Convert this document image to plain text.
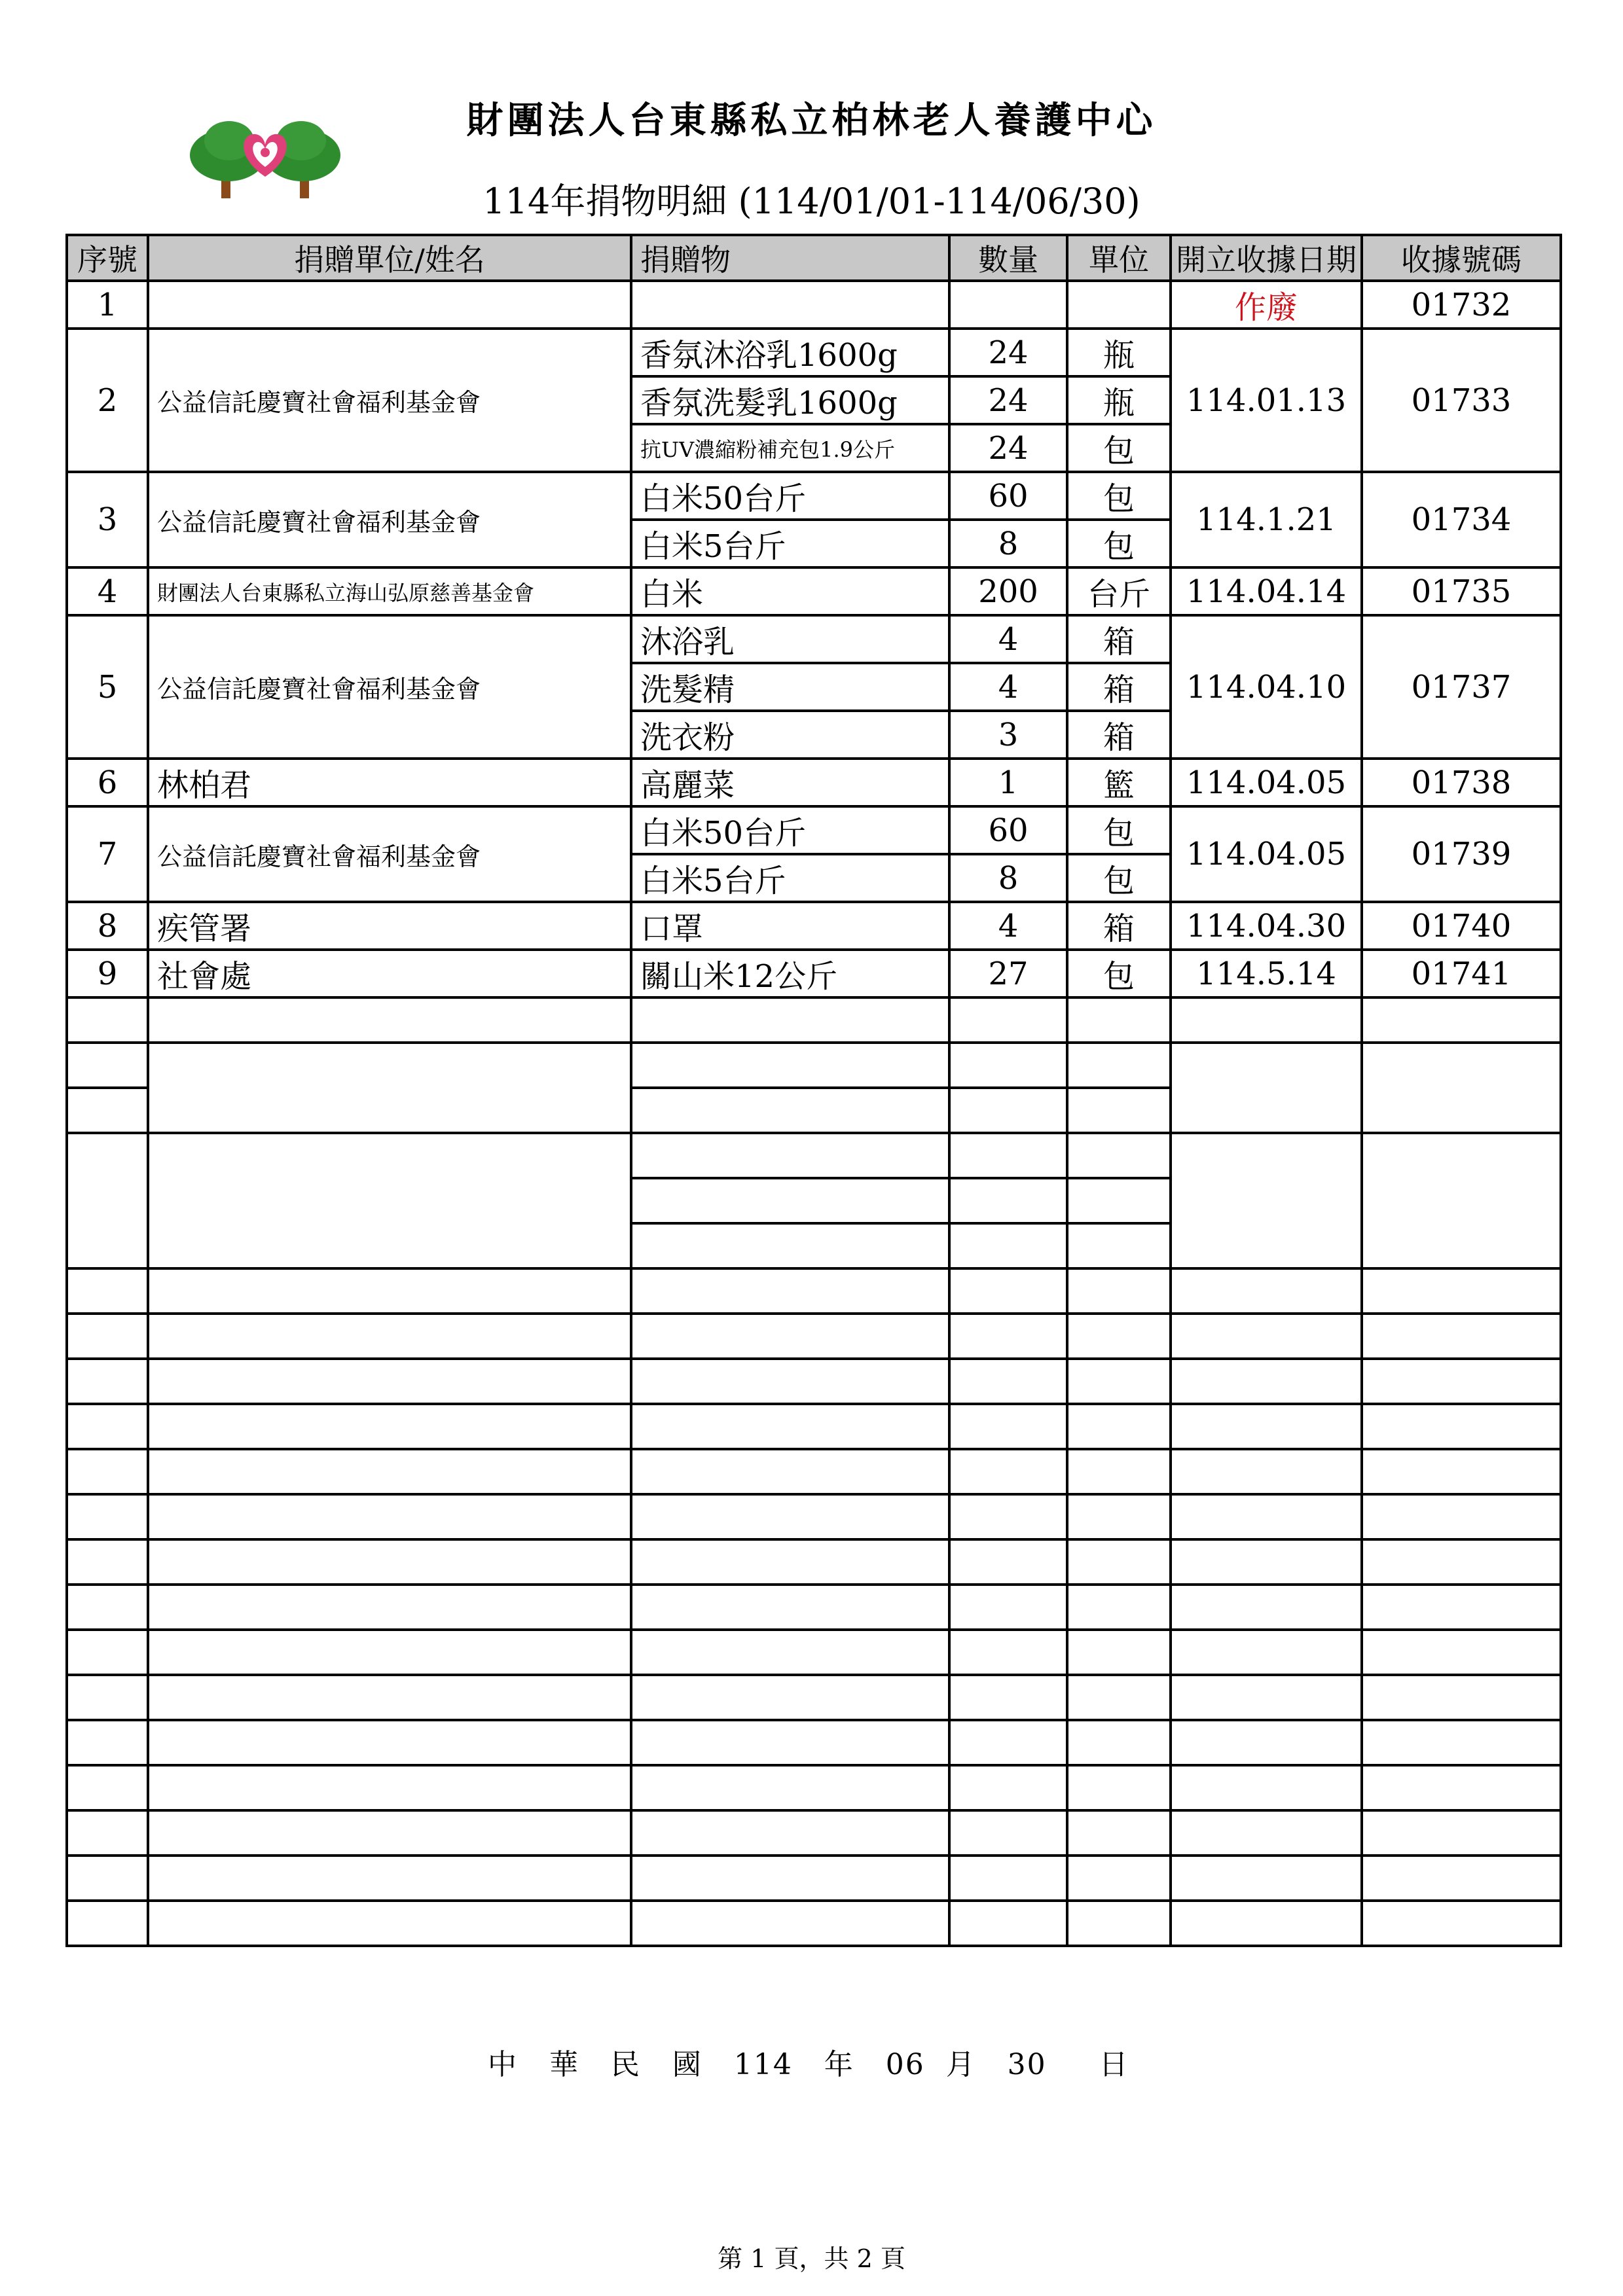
財團法人台東縣私立柏林老人養護中心
114年捐物明細 (114/01/01-114/06/30)
序號	捐贈單位/姓名	捐贈物	數量	單位	開立收據日期	收據號碼
1					作廢	01732
2	公益信託慶寶社會福利基金會	香氛沐浴乳1600g	24	瓶	114.01.13	01733
		香氛洗髮乳1600g	24	瓶		
		抗UV濃縮粉補充包1.9公斤	24	包		
3	公益信託慶寶社會福利基金會	白米50台斤	60	包	114.1.21	01734
		白米5台斤	8	包		
4	財團法人台東縣私立海山弘原慈善基金會	白米	200	台斤	114.04.14	01735
5	公益信託慶寶社會福利基金會	沐浴乳	4	箱	114.04.10	01737
		洗髮精	4	箱		
		洗衣粉	3	箱		
6	林柏君	高麗菜	1	籃	114.04.05	01738
7	公益信託慶寶社會福利基金會	白米50台斤	60	包	114.04.05	01739
		白米5台斤	8	包		
8	疾管署	口罩	4	箱	114.04.30	01740
9	社會處	關山米12公斤	27	包	114.5.14	01741

中   華   民   國   114   年   06  月   30     日
第 1 頁，共 2 頁
